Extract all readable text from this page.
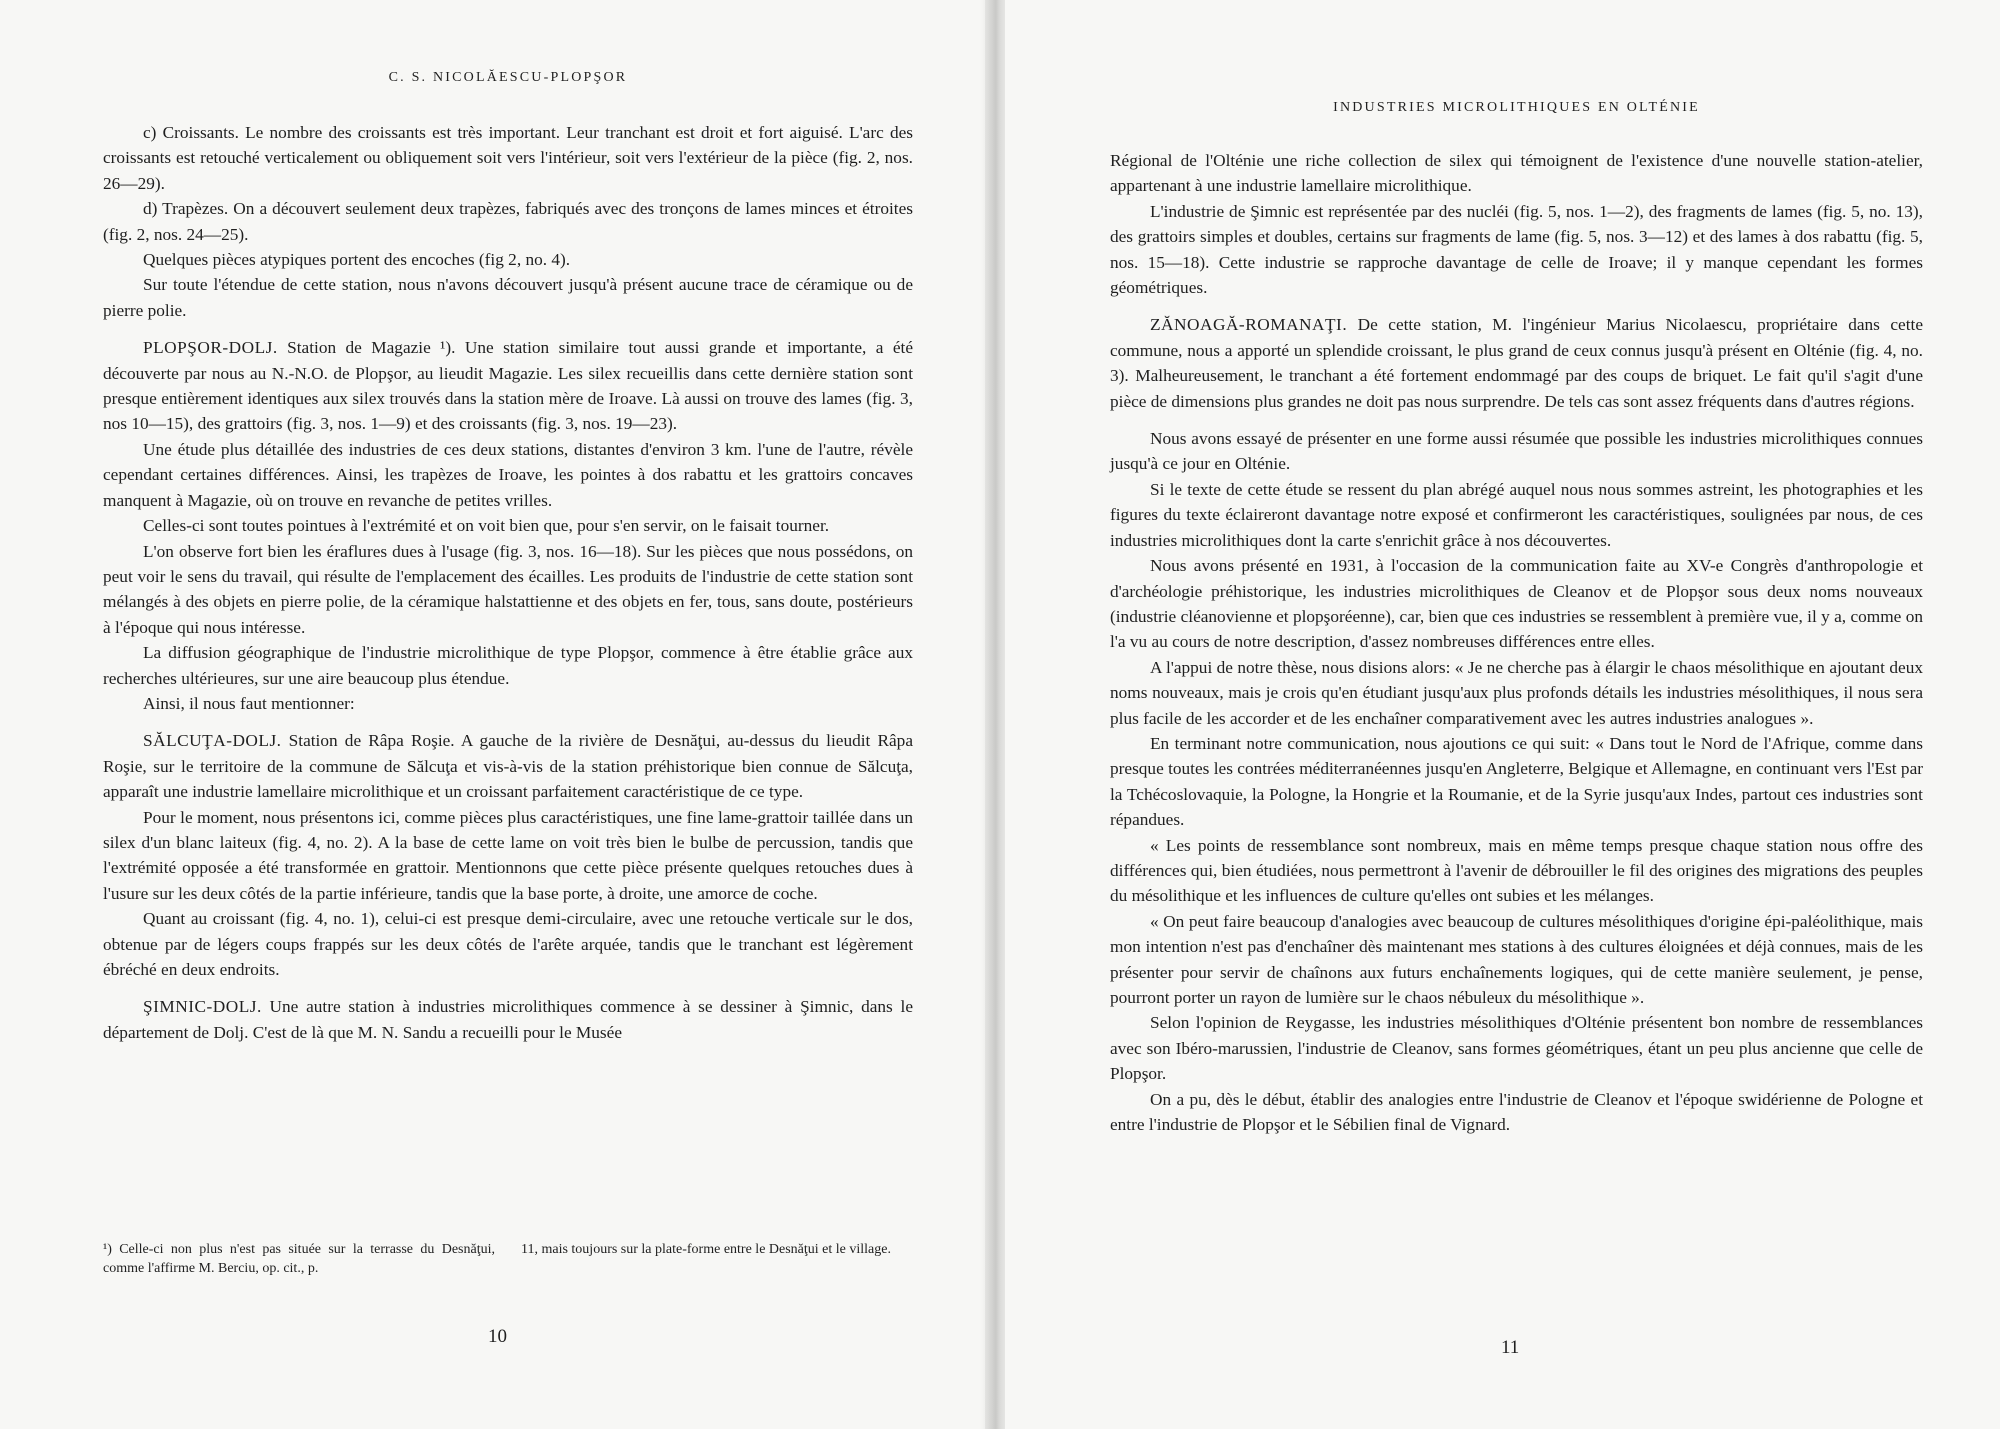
C. S. NICOLĂESCU-PLOPŞOR

c) Croissants. Le nombre des croissants est très important. Leur tranchant est droit et fort aiguisé. L'arc des croissants est retouché verticalement ou obliquement soit vers l'intérieur, soit vers l'extérieur de la pièce (fig. 2, nos. 26—29).

d) Trapèzes. On a découvert seulement deux trapèzes, fabriqués avec des tronçons de lames minces et étroites (fig. 2, nos. 24—25).

Quelques pièces atypiques portent des encoches (fig 2, no. 4).

Sur toute l'étendue de cette station, nous n'avons découvert jusqu'à présent aucune trace de céramique ou de pierre polie.

PLOPŞOR-DOLJ. Station de Magazie ¹). Une station similaire tout aussi grande et importante, a été découverte par nous au N.-N.O. de Plopşor, au lieudit Magazie. Les silex recueillis dans cette dernière station sont presque entièrement identiques aux silex trouvés dans la station mère de Iroave. Là aussi on trouve des lames (fig. 3, nos 10—15), des grattoirs (fig. 3, nos. 1—9) et des croissants (fig. 3, nos. 19—23).

Une étude plus détaillée des industries de ces deux stations, distantes d'environ 3 km. l'une de l'autre, révèle cependant certaines différences. Ainsi, les trapèzes de Iroave, les pointes à dos rabattu et les grattoirs concaves manquent à Magazie, où on trouve en revanche de petites vrilles.

Celles-ci sont toutes pointues à l'extrémité et on voit bien que, pour s'en servir, on le faisait tourner.

L'on observe fort bien les éraflures dues à l'usage (fig. 3, nos. 16—18). Sur les pièces que nous possédons, on peut voir le sens du travail, qui résulte de l'emplacement des écailles. Les produits de l'industrie de cette station sont mélangés à des objets en pierre polie, de la céramique halstattienne et des objets en fer, tous, sans doute, postérieurs à l'époque qui nous intéresse.

La diffusion géographique de l'industrie microlithique de type Plopşor, commence à être établie grâce aux recherches ultérieures, sur une aire beaucoup plus étendue.

Ainsi, il nous faut mentionner:

SĂLCUŢA-DOLJ. Station de Râpa Roşie. A gauche de la rivière de Desnăţui, au-dessus du lieudit Râpa Roşie, sur le territoire de la commune de Sălcuţa et vis-à-vis de la station préhistorique bien connue de Sălcuţa, apparaît une industrie lamellaire microlithique et un croissant parfaitement caractéristique de ce type.

Pour le moment, nous présentons ici, comme pièces plus caractéristiques, une fine lame-grattoir taillée dans un silex d'un blanc laiteux (fig. 4, no. 2). A la base de cette lame on voit très bien le bulbe de percussion, tandis que l'extrémité opposée a été transformée en grattoir. Mentionnons que cette pièce présente quelques retouches dues à l'usure sur les deux côtés de la partie inférieure, tandis que la base porte, à droite, une amorce de coche.

Quant au croissant (fig. 4, no. 1), celui-ci est presque demi-circulaire, avec une retouche verticale sur le dos, obtenue par de légers coups frappés sur les deux côtés de l'arête arquée, tandis que le tranchant est légèrement ébréché en deux endroits.

ŞIMNIC-DOLJ. Une autre station à industries microlithiques commence à se dessiner à Şimnic, dans le département de Dolj. C'est de là que M. N. Sandu a recueilli pour le Musée

¹) Celle-ci non plus n'est pas située sur la terrasse du Desnăţui, comme l'affirme M. Berciu, op. cit., p.
11, mais toujours sur la plate-forme entre le Desnăţui et le village.
10
INDUSTRIES MICROLITHIQUES EN OLTÉNIE

Régional de l'Olténie une riche collection de silex qui témoignent de l'existence d'une nouvelle station-atelier, appartenant à une industrie lamellaire microlithique.

L'industrie de Şimnic est représentée par des nucléi (fig. 5, nos. 1—2), des fragments de lames (fig. 5, no. 13), des grattoirs simples et doubles, certains sur fragments de lame (fig. 5, nos. 3—12) et des lames à dos rabattu (fig. 5, nos. 15—18). Cette industrie se rapproche davantage de celle de Iroave; il y manque cependant les formes géométriques.

ZĂNOAGĂ-ROMANAŢI. De cette station, M. l'ingénieur Marius Nicolaescu, propriétaire dans cette commune, nous a apporté un splendide croissant, le plus grand de ceux connus jusqu'à présent en Olténie (fig. 4, no. 3). Malheureusement, le tranchant a été fortement endommagé par des coups de briquet. Le fait qu'il s'agit d'une pièce de dimensions plus grandes ne doit pas nous surprendre. De tels cas sont assez fréquents dans d'autres régions.

Nous avons essayé de présenter en une forme aussi résumée que possible les industries microlithiques connues jusqu'à ce jour en Olténie.

Si le texte de cette étude se ressent du plan abrégé auquel nous nous sommes astreint, les photographies et les figures du texte éclaireront davantage notre exposé et confirmeront les caractéristiques, soulignées par nous, de ces industries microlithiques dont la carte s'enrichit grâce à nos découvertes.

Nous avons présenté en 1931, à l'occasion de la communication faite au XV-e Congrès d'anthropologie et d'archéologie préhistorique, les industries microlithiques de Cleanov et de Plopşor sous deux noms nouveaux (industrie cléanovienne et plopşoréenne), car, bien que ces industries se ressemblent à première vue, il y a, comme on l'a vu au cours de notre description, d'assez nombreuses différences entre elles.

A l'appui de notre thèse, nous disions alors: « Je ne cherche pas à élargir le chaos mésolithique en ajoutant deux noms nouveaux, mais je crois qu'en étudiant jusqu'aux plus profonds détails les industries mésolithiques, il nous sera plus facile de les accorder et de les enchaîner comparativement avec les autres industries analogues ».

En terminant notre communication, nous ajoutions ce qui suit: « Dans tout le Nord de l'Afrique, comme dans presque toutes les contrées méditerranéennes jusqu'en Angleterre, Belgique et Allemagne, en continuant vers l'Est par la Tchécoslovaquie, la Pologne, la Hongrie et la Roumanie, et de la Syrie jusqu'aux Indes, partout ces industries sont répandues.

« Les points de ressemblance sont nombreux, mais en même temps presque chaque station nous offre des différences qui, bien étudiées, nous permettront à l'avenir de débrouiller le fil des origines des migrations des peuples du mésolithique et les influences de culture qu'elles ont subies et les mélanges.

« On peut faire beaucoup d'analogies avec beaucoup de cultures mésolithiques d'origine épi-paléolithique, mais mon intention n'est pas d'enchaîner dès maintenant mes stations à des cultures éloignées et déjà connues, mais de les présenter pour servir de chaînons aux futurs enchaînements logiques, qui de cette manière seulement, je pense, pourront porter un rayon de lumière sur le chaos nébuleux du mésolithique ».

Selon l'opinion de Reygasse, les industries mésolithiques d'Olténie présentent bon nombre de ressemblances avec son Ibéro-marussien, l'industrie de Cleanov, sans formes géométriques, étant un peu plus ancienne que celle de Plopşor.

On a pu, dès le début, établir des analogies entre l'industrie de Cleanov et l'époque swidérienne de Pologne et entre l'industrie de Plopşor et le Sébilien final de Vignard.

11
